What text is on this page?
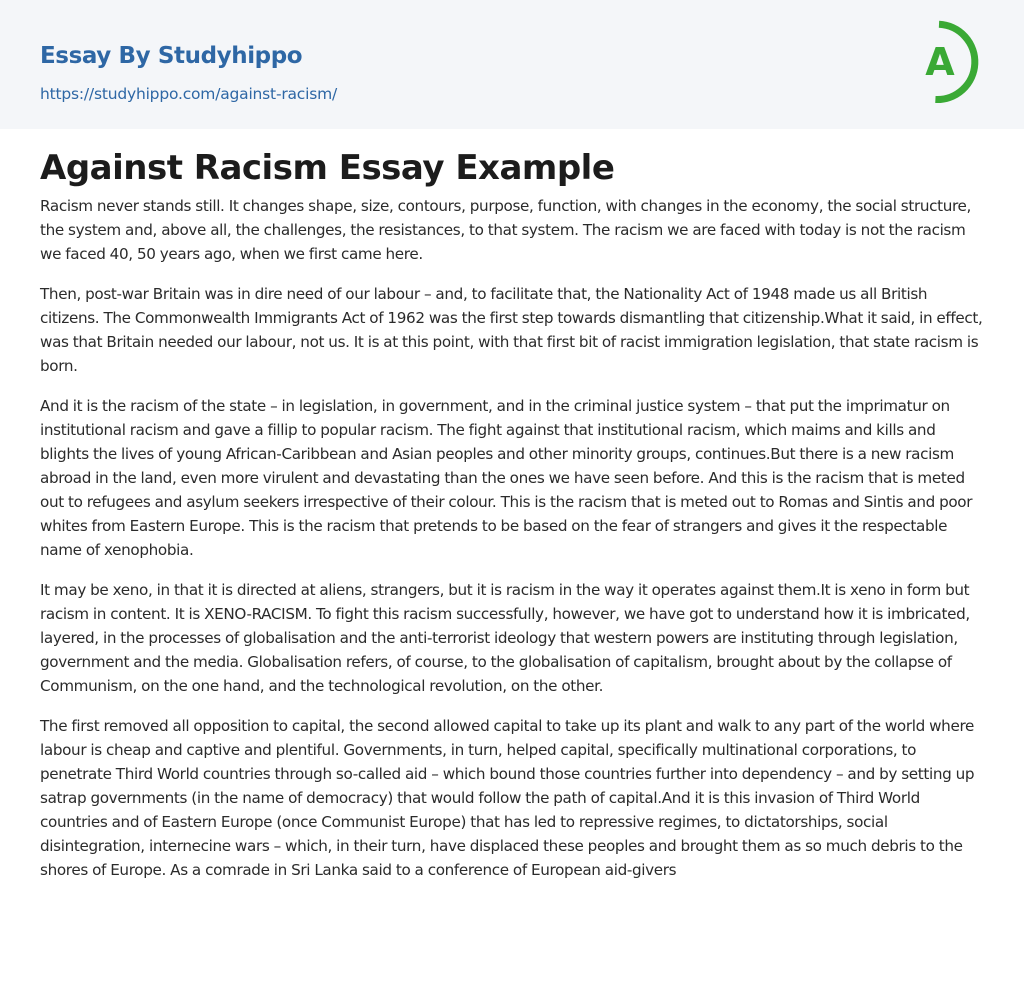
Essay By Studyhippo
https://studyhippo.com/against-racism/
A
Against Racism Essay Example

Racism never stands still. It changes shape, size, contours, purpose, function, with changes in the economy, the social structure, the system and, above all, the challenges, the resistances, to that system. The racism we are faced with today is not the racism we faced 40, 50 years ago, when we first came here.

Then, post-war Britain was in dire need of our labour – and, to facilitate that, the Nationality Act of 1948 made us all British citizens. The Commonwealth Immigrants Act of 1962 was the first step towards dismantling that citizenship.What it said, in effect, was that Britain needed our labour, not us. It is at this point, with that first bit of racist immigration legislation, that state racism is born.

And it is the racism of the state – in legislation, in government, and in the criminal justice system – that put the imprimatur on institutional racism and gave a fillip to popular racism. The fight against that institutional racism, which maims and kills and blights the lives of young African-Caribbean and Asian peoples and other minority groups, continues.But there is a new racism abroad in the land, even more virulent and devastating than the ones we have seen before. And this is the racism that is meted out to refugees and asylum seekers irrespective of their colour. This is the racism that is meted out to Romas and Sintis and poor whites from Eastern Europe. This is the racism that pretends to be based on the fear of strangers and gives it the respectable name of xenophobia.

It may be xeno, in that it is directed at aliens, strangers, but it is racism in the way it operates against them.It is xeno in form but racism in content. It is XENO-RACISM. To fight this racism successfully, however, we have got to understand how it is imbricated, layered, in the processes of globalisation and the anti-terrorist ideology that western powers are instituting through legislation, government and the media. Globalisation refers, of course, to the globalisation of capitalism, brought about by the collapse of Communism, on the one hand, and the technological revolution, on the other.

The first removed all opposition to capital, the second allowed capital to take up its plant and walk to any part of the world where labour is cheap and captive and plentiful. Governments, in turn, helped capital, specifically multinational corporations, to penetrate Third World countries through so-called aid – which bound those countries further into dependency – and by setting up satrap governments (in the name of democracy) that would follow the path of capital.And it is this invasion of Third World countries and of Eastern Europe (once Communist Europe) that has led to repressive regimes, to dictatorships, social disintegration, internecine wars – which, in their turn, have displaced these peoples and brought them as so much debris to the shores of Europe. As a comrade in Sri Lanka said to a conference of European aid-givers
